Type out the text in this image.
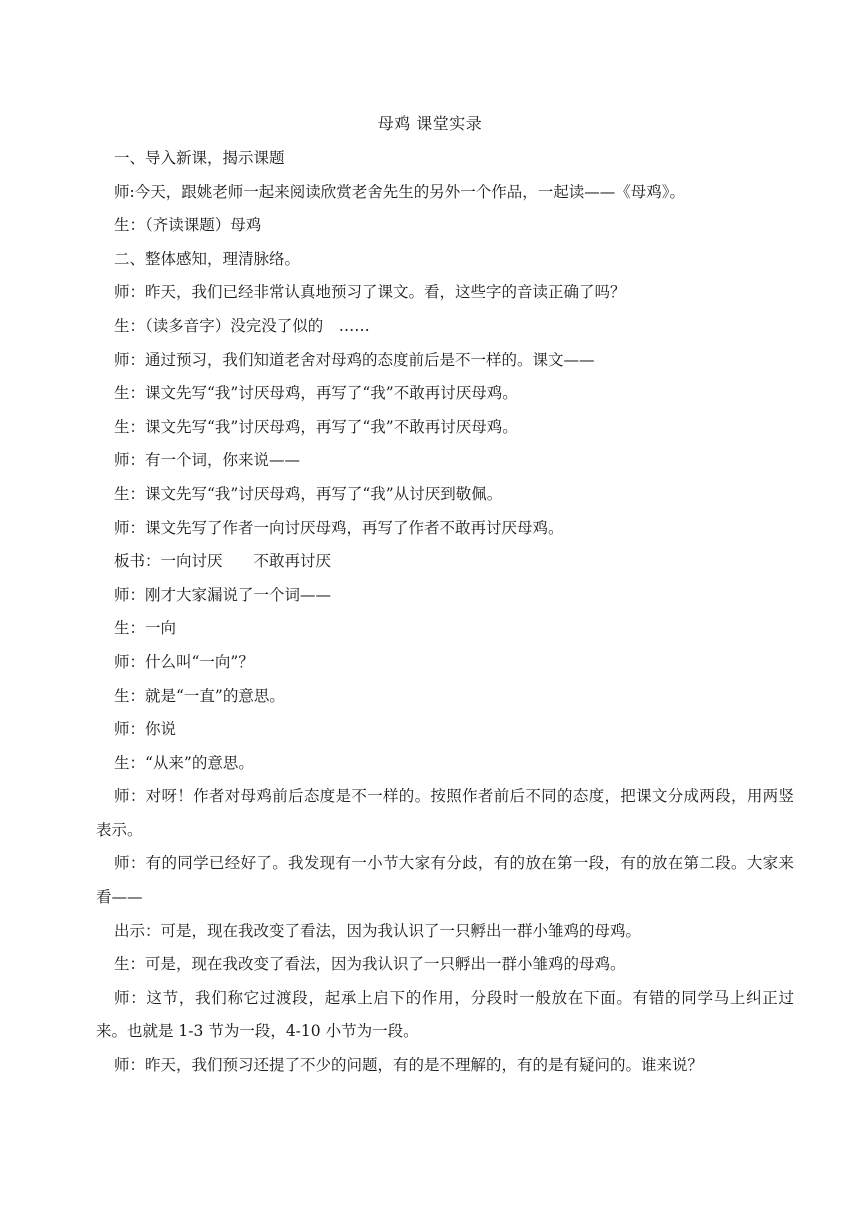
母鸡 课堂实录

一、导入新课，揭示课题

师:今天，跟姚老师一起来阅读欣赏老舍先生的另外一个作品，一起读——《母鸡》。

生：（齐读课题）母鸡

二、整体感知，理清脉络。

师：昨天，我们已经非常认真地预习了课文。看，这些字的音读正确了吗？

生：（读多音字）没完没了似的　……

师：通过预习，我们知道老舍对母鸡的态度前后是不一样的。课文——

生：课文先写“我”讨厌母鸡，再写了“我”不敢再讨厌母鸡。

生：课文先写“我”讨厌母鸡，再写了“我”不敢再讨厌母鸡。

师：有一个词，你来说——

生：课文先写“我”讨厌母鸡，再写了“我”从讨厌到敬佩。

师：课文先写了作者一向讨厌母鸡，再写了作者不敢再讨厌母鸡。

板书：一向讨厌　　不敢再讨厌

师：刚才大家漏说了一个词——

生：一向

师：什么叫“一向”？

生：就是“一直”的意思。

师：你说

生：“从来”的意思。

师：对呀！作者对母鸡前后态度是不一样的。按照作者前后不同的态度，把课文分成两段，用两竖表示。

师：有的同学已经好了。我发现有一小节大家有分歧，有的放在第一段，有的放在第二段。大家来看——

出示：可是，现在我改变了看法，因为我认识了一只孵出一群小雏鸡的母鸡。

生：可是，现在我改变了看法，因为我认识了一只孵出一群小雏鸡的母鸡。

师：这节，我们称它过渡段，起承上启下的作用，分段时一般放在下面。有错的同学马上纠正过来。也就是 1-3 节为一段，4-10 小节为一段。

师：昨天，我们预习还提了不少的问题，有的是不理解的，有的是有疑问的。谁来说？
